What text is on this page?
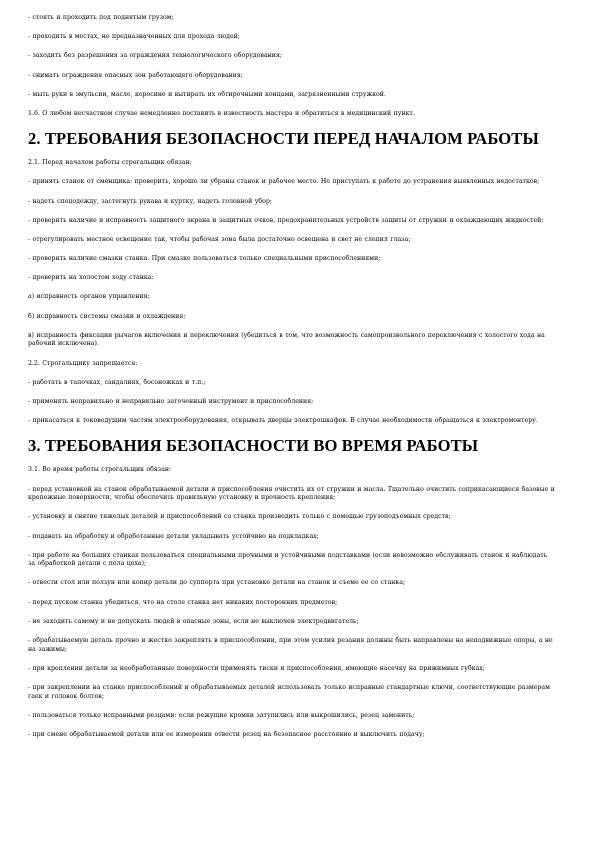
- стоять и проходить под поднятым грузом;

- проходить в местах, не предназначенных для прохода людей;

- заходить без разрешения за ограждения технологического оборудования;

- снимать ограждения опасных зон работающего оборудования;

- мыть руки в эмульсии, масле, керосине и вытирать их обтирочными концами, загрязненными стружкой.

1.6. О любом несчастном случае немедленно поставить в известность мастера и обратиться в медицинский пункт.

2. ТРЕБОВАНИЯ БЕЗОПАСНОСТИ ПЕРЕД НАЧАЛОМ РАБОТЫ

2.1. Перед началом работы строгальщик обязан:

- принять станок от сменщика: проверить, хорошо ли убраны станок и рабочее место. Не приступать к работе до устранения выявленных недостатков;

- надеть спецодежду, застегнуть рукава и куртку, надеть головной убор;

- проверить наличие и исправность защитного экрана и защитных очков, предохранительных устройств защиты от стружки и охлаждающих жидкостей;

- отрегулировать местное освещение так, чтобы рабочая зона была достаточно освещена и свет не слепил глаза;

- проверить наличие смазки станка. При смазке пользоваться только специальными приспособлениями;

- проверить на холостом ходу станка:

а) исправность органов управления;

б) исправность системы смазки и охлаждения;

в) исправность фиксации рычагов включения и переключения (убедиться в том, что возможность самопроизвольного переключения с холостого хода на рабочий исключена).

2.2. Строгальщику запрещается:

- работать в тапочках, сандалиях, босоножках и т.п.;

- применять неправильно и неправильно заточенный инструмент и приспособления;

- прикасаться к токоведущим частям электрооборудования, открывать дверцы электрошкафов. В случае необходимости обращаться к электромонтеру.

3. ТРЕБОВАНИЯ БЕЗОПАСНОСТИ ВО ВРЕМЯ РАБОТЫ

3.1. Во время работы строгальщик обязан:

- перед установкой на станок обрабатываемой детали и приспособления очистить их от стружки и масла. Тщательно очистить соприкасающиеся базовые и крепежные поверхности, чтобы обеспечить правильную установку и прочность крепления;

- установку и снятие тяжелых деталей и приспособлений со станка производить только с помощью грузоподъемных средств;

- подавать на обработку и обработанные детали укладывать устойчиво на подкладках;

- при работе на больших станках пользоваться специальными прочными и устойчивыми подставками (если невозможно обслуживать станок и наблюдать за обработкой детали с пола цеха);

- отвести стол или ползун или копир детали до суппорта при установке детали на станок и съеме ее со станка;

- перед пуском станка убедиться, что на столе станка нет никаких посторонних предметов;

- не заходить самому и не допускать людей в опасные зоны, если не выключен электродвигатель;

- обрабатываемую деталь прочно и жестко закреплять в приспособлении, при этом усилия резания должны быть направлены на неподвижные опоры, а не на зажимы;

- при креплении детали за необработанные поверхности применять тиски и приспособления, имеющие насечку на прижимных губках;

- при закреплении на станке приспособлений и обрабатываемых деталей использовать только исправные стандартные ключи, соответствующие размерам гаек и головок болтов;

- пользоваться только исправными резцами: если режущие кромки затупились или выкрошились, резец заменить;

- при смене обрабатываемой детали или ее измерении отвести резец на безопасное расстояние и выключить подачу;
